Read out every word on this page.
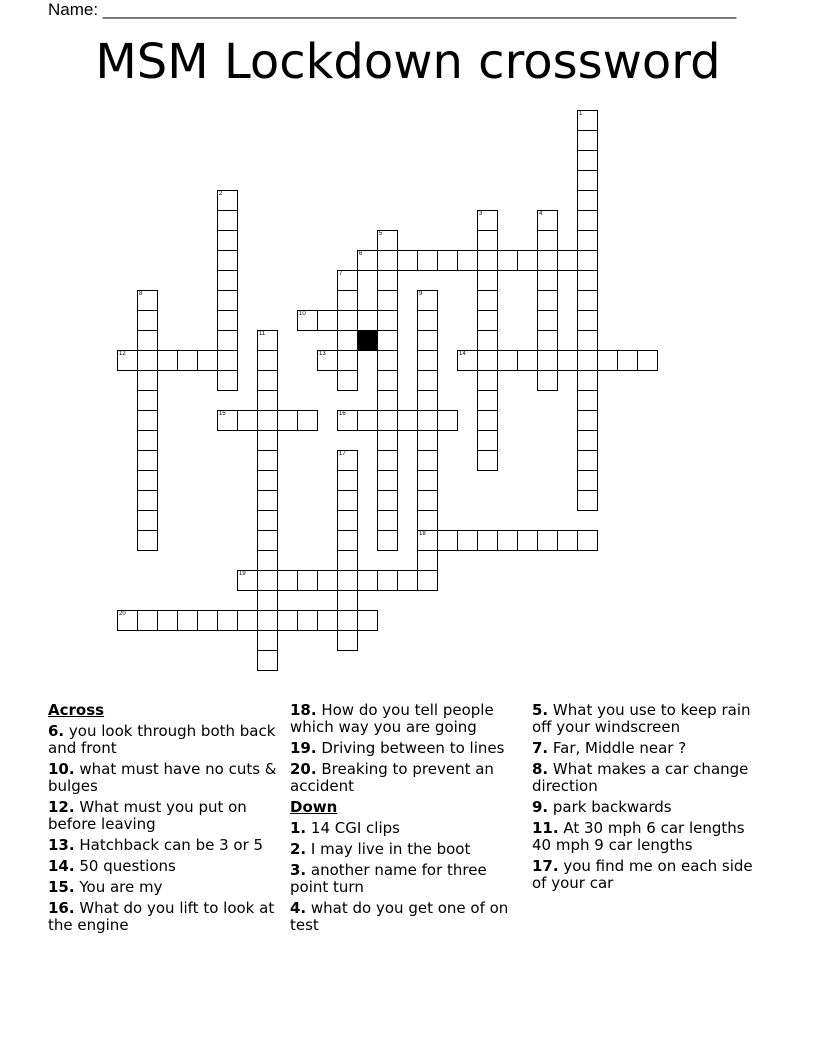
Name: ___________________________________________________________________
MSM Lockdown crossword
1
2
3	4
5
6
7
8	9
10
11
12	13	14
15	16
17
18
19
20
Across
6. you look through both back and front
10. what must have no cuts & bulges
12. What must you put on before leaving
13. Hatchback can be 3 or 5
14. 50 questions
15. You are my
16. What do you lift to look at the engine
18. How do you tell people which way you are going
19. Driving between to lines
20. Breaking to prevent an accident
Down
1. 14 CGI clips
2. I may live in the boot
3. another name for three point turn
4. what do you get one of on test
5. What you use to keep rain off your windscreen
7. Far, Middle near ?
8. What makes a car change direction
9. park backwards
11. At 30 mph 6 car lengths 40 mph 9 car lengths
17. you find me on each side of your car
